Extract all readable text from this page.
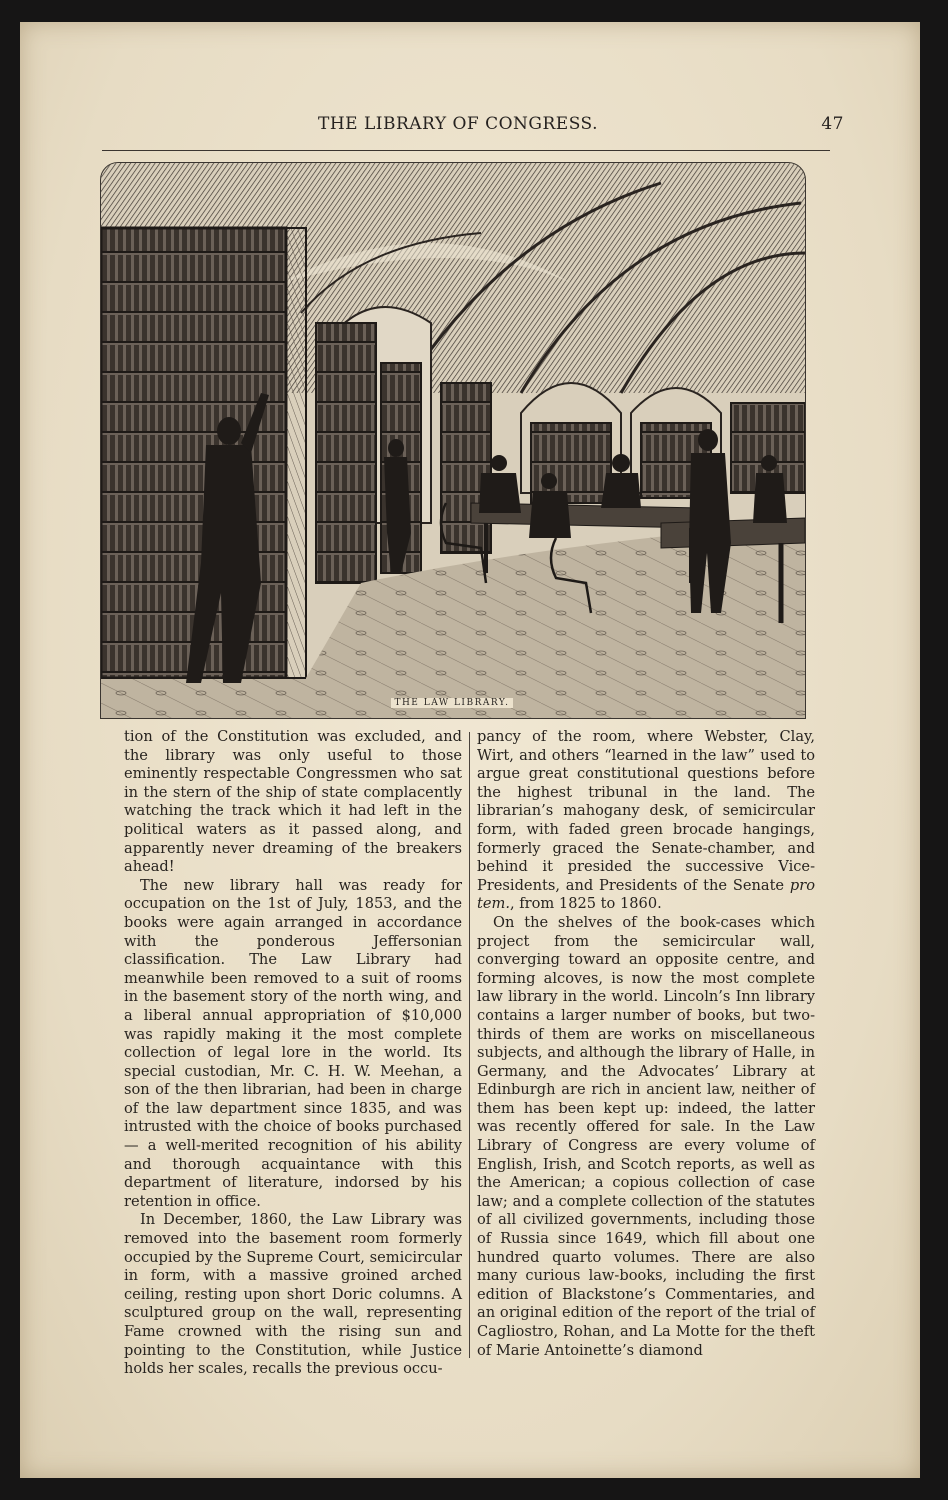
THE LIBRARY OF CONGRESS.	47
THE LAW LIBRARY.

tion of the Constitution was excluded, and the library was only useful to those eminently respectable Congressmen who sat in the stern of the ship of state complacently watching the track which it had left in the political waters as it passed along, and apparently never dreaming of the breakers ahead!

The new library hall was ready for occupation on the 1st of July, 1853, and the books were again arranged in accordance with the ponderous Jeffersonian classification. The Law Library had meanwhile been removed to a suit of rooms in the basement story of the north wing, and a liberal annual appropriation of $10,000 was rapidly making it the most complete collection of legal lore in the world. Its special custodian, Mr. C. H. W. Meehan, a son of the then librarian, had been in charge of the law department since 1835, and was intrusted with the choice of books purchased — a well-merited recognition of his ability and thorough acquaintance with this department of literature, indorsed by his retention in office.

In December, 1860, the Law Library was removed into the basement room formerly occupied by the Supreme Court, semicircular in form, with a massive groined arched ceiling, resting upon short Doric columns. A sculptured group on the wall, representing Fame crowned with the rising sun and pointing to the Constitution, while Justice holds her scales, recalls the previous occu-

pancy of the room, where Webster, Clay, Wirt, and others “learned in the law” used to argue great constitutional questions before the highest tribunal in the land. The librarian’s mahogany desk, of semicircular form, with faded green brocade hangings, formerly graced the Senate-chamber, and behind it presided the successive Vice-Presidents, and Presidents of the Senate pro tem., from 1825 to 1860.

On the shelves of the book-cases which project from the semicircular wall, converging toward an opposite centre, and forming alcoves, is now the most complete law library in the world. Lincoln’s Inn library contains a larger number of books, but two-thirds of them are works on miscellaneous subjects, and although the library of Halle, in Germany, and the Advocates’ Library at Edinburgh are rich in ancient law, neither of them has been kept up: indeed, the latter was recently offered for sale. In the Law Library of Congress are every volume of English, Irish, and Scotch reports, as well as the American; a copious collection of case law; and a complete collection of the statutes of all civilized governments, including those of Russia since 1649, which fill about one hundred quarto volumes. There are also many curious law-books, including the first edition of Blackstone’s Commentaries, and an original edition of the report of the trial of Cagliostro, Rohan, and La Motte for the theft of Marie Antoinette’s diamond
